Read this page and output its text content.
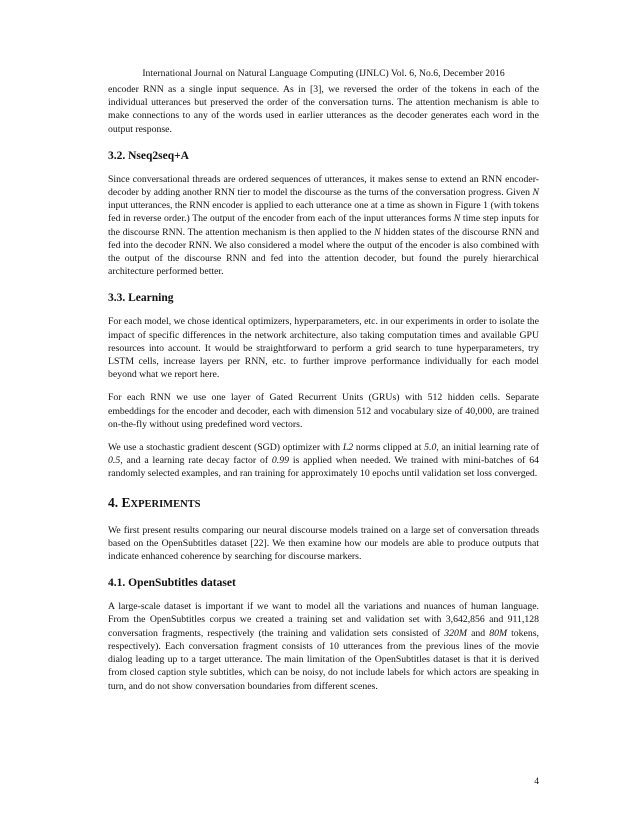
International Journal on Natural Language Computing (IJNLC) Vol. 6, No.6, December 2016

encoder RNN as a single input sequence. As in [3], we reversed the order of the tokens in each of the individual utterances but preserved the order of the conversation turns. The attention mechanism is able to make connections to any of the words used in earlier utterances as the decoder generates each word in the output response.

3.2. Nseq2seq+A

Since conversational threads are ordered sequences of utterances, it makes sense to extend an RNN encoder-decoder by adding another RNN tier to model the discourse as the turns of the conversation progress. Given N input utterances, the RNN encoder is applied to each utterance one at a time as shown in Figure 1 (with tokens fed in reverse order.) The output of the encoder from each of the input utterances forms N time step inputs for the discourse RNN. The attention mechanism is then applied to the N hidden states of the discourse RNN and fed into the decoder RNN. We also considered a model where the output of the encoder is also combined with the output of the discourse RNN and fed into the attention decoder, but found the purely hierarchical architecture performed better.

3.3. Learning

For each model, we chose identical optimizers, hyperparameters, etc. in our experiments in order to isolate the impact of specific differences in the network architecture, also taking computation times and available GPU resources into account. It would be straightforward to perform a grid search to tune hyperparameters, try LSTM cells, increase layers per RNN, etc. to further improve performance individually for each model beyond what we report here.

For each RNN we use one layer of Gated Recurrent Units (GRUs) with 512 hidden cells. Separate embeddings for the encoder and decoder, each with dimension 512 and vocabulary size of 40,000, are trained on-the-fly without using predefined word vectors.

We use a stochastic gradient descent (SGD) optimizer with L2 norms clipped at 5.0, an initial learning rate of 0.5, and a learning rate decay factor of 0.99 is applied when needed. We trained with mini-batches of 64 randomly selected examples, and ran training for approximately 10 epochs until validation set loss converged.

4. EXPERIMENTS

We first present results comparing our neural discourse models trained on a large set of conversation threads based on the OpenSubtitles dataset [22]. We then examine how our models are able to produce outputs that indicate enhanced coherence by searching for discourse markers.

4.1. OpenSubtitles dataset

A large-scale dataset is important if we want to model all the variations and nuances of human language. From the OpenSubtitles corpus we created a training set and validation set with 3,642,856 and 911,128 conversation fragments, respectively (the training and validation sets consisted of 320M and 80M tokens, respectively). Each conversation fragment consists of 10 utterances from the previous lines of the movie dialog leading up to a target utterance. The main limitation of the OpenSubtitles dataset is that it is derived from closed caption style subtitles, which can be noisy, do not include labels for which actors are speaking in turn, and do not show conversation boundaries from different scenes.

4
